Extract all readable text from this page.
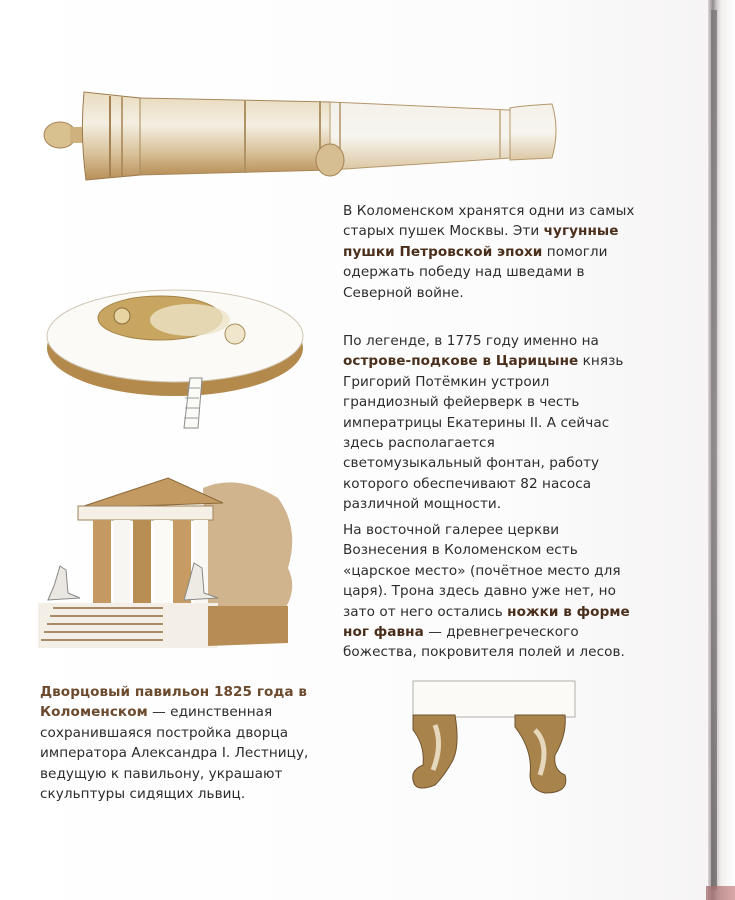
В Коломенском хранятся одни из самых старых пушек Москвы. Эти чугунные пушки Петровской эпохи помогли одержать победу над шведами в Северной войне.

По легенде, в 1775 году именно на острове-подкове в Царицыне князь Григорий Потёмкин устроил грандиозный фейерверк в честь императрицы Екатерины II. А сейчас здесь располагается светомузыкальный фонтан, работу которого обеспечивают 82 насоса различной мощности.

На восточной галерее церкви Вознесения в Коломенском есть «царское место» (почётное место для царя). Трона здесь давно уже нет, но зато от него остались ножки в форме ног фавна — древнегреческого божества, покровителя полей и лесов.

Дворцовый павильон 1825 года в Коломенском — единственная сохранившаяся постройка дворца императора Александра I. Лестницу, ведущую к павильону, украшают скульптуры сидящих львиц.
